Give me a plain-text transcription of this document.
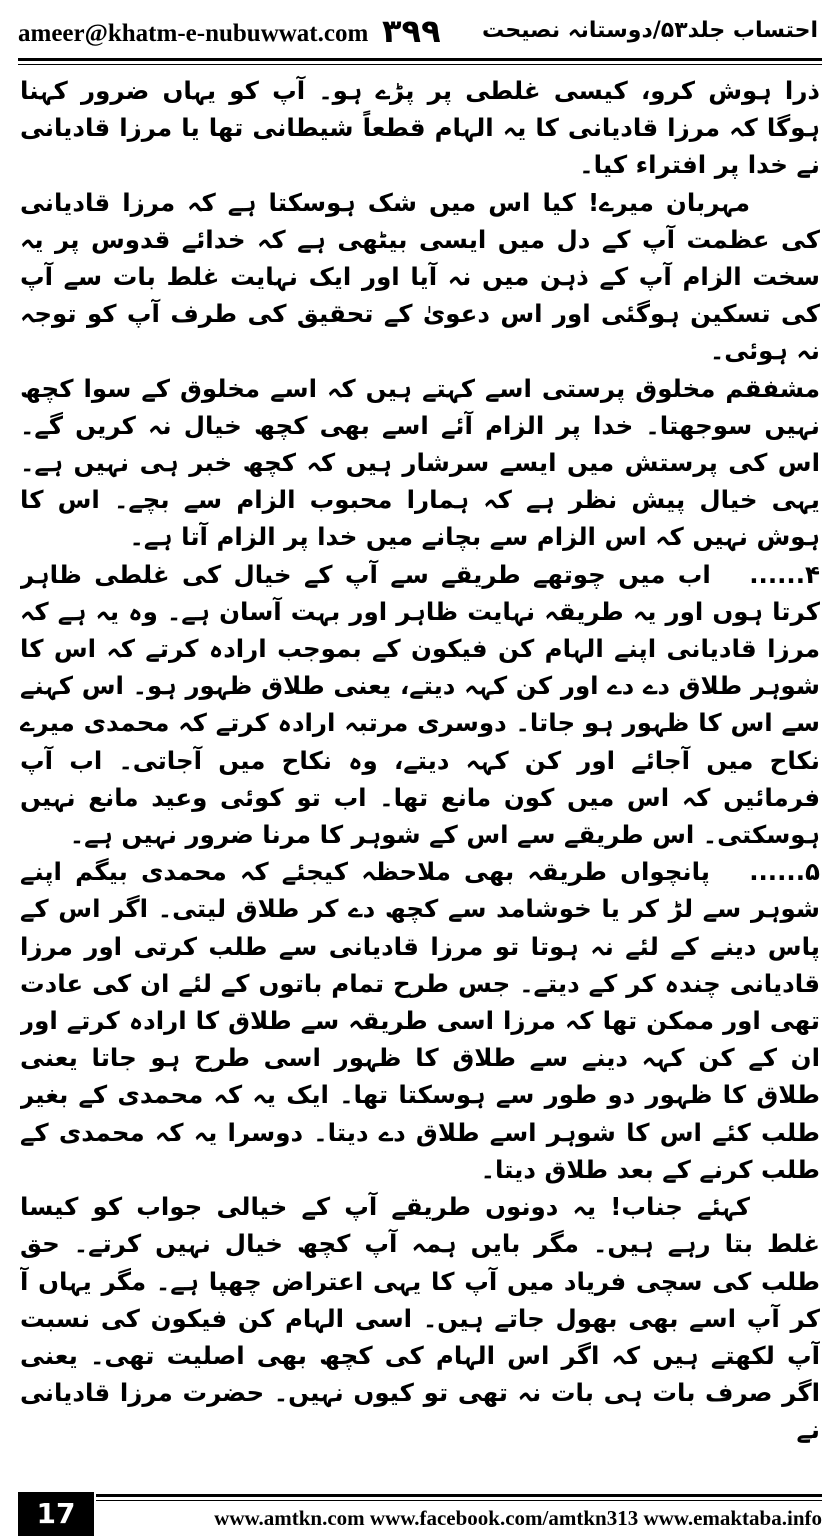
ameer@khatm-e-nubuwwat.com ۳۹۹ احتساب جلد۵۳/دوستانہ نصیحت

ذرا ہوش کرو، کیسی غلطی پر پڑے ہو۔ آپ کو یہاں ضرور کہنا ہوگا کہ مرزا قادیانی کا یہ الہام قطعاً شیطانی تھا یا مرزا قادیانی نے خدا پر افتراء کیا۔

مہربان میرے! کیا اس میں شک ہوسکتا ہے کہ مرزا قادیانی کی عظمت آپ کے دل میں ایسی بیٹھی ہے کہ خدائے قدوس پر یہ سخت الزام آپ کے ذہن میں نہ آیا اور ایک نہایت غلط بات سے آپ کی تسکین ہوگئی اور اس دعویٰ کے تحقیق کی طرف آپ کو توجہ نہ ہوئی۔

مشفقم مخلوق پرستی اسے کہتے ہیں کہ اسے مخلوق کے سوا کچھ نہیں سوجھتا۔ خدا پر الزام آئے اسے بھی کچھ خیال نہ کریں گے۔ اس کی پرستش میں ایسے سرشار ہیں کہ کچھ خبر ہی نہیں ہے۔ یہی خیال پیش نظر ہے کہ ہمارا محبوب الزام سے بچے۔ اس کا ہوش نہیں کہ اس الزام سے بچانے میں خدا پر الزام آتا ہے۔

۴...... اب میں چوتھے طریقے سے آپ کے خیال کی غلطی ظاہر کرتا ہوں اور یہ طریقہ نہایت ظاہر اور بہت آسان ہے۔ وہ یہ ہے کہ مرزا قادیانی اپنے الہام کن فیکون کے بموجب ارادہ کرتے کہ اس کا شوہر طلاق دے دے اور کن کہہ دیتے، یعنی طلاق ظہور ہو۔ اس کہنے سے اس کا ظہور ہو جاتا۔ دوسری مرتبہ ارادہ کرتے کہ محمدی میرے نکاح میں آجائے اور کن کہہ دیتے، وہ نکاح میں آجاتی۔ اب آپ فرمائیں کہ اس میں کون مانع تھا۔ اب تو کوئی وعید مانع نہیں ہوسکتی۔ اس طریقے سے اس کے شوہر کا مرنا ضرور نہیں ہے۔

۵...... پانچواں طریقہ بھی ملاحظہ کیجئے کہ محمدی بیگم اپنے شوہر سے لڑ کر یا خوشامد سے کچھ دے کر طلاق لیتی۔ اگر اس کے پاس دینے کے لئے نہ ہوتا تو مرزا قادیانی سے طلب کرتی اور مرزا قادیانی چندہ کر کے دیتے۔ جس طرح تمام باتوں کے لئے ان کی عادت تھی اور ممکن تھا کہ مرزا اسی طریقہ سے طلاق کا ارادہ کرتے اور ان کے کن کہہ دینے سے طلاق کا ظہور اسی طرح ہو جاتا یعنی طلاق کا ظہور دو طور سے ہوسکتا تھا۔ ایک یہ کہ محمدی کے بغیر طلب کئے اس کا شوہر اسے طلاق دے دیتا۔ دوسرا یہ کہ محمدی کے طلب کرنے کے بعد طلاق دیتا۔

کہئے جناب! یہ دونوں طریقے آپ کے خیالی جواب کو کیسا غلط بتا رہے ہیں۔ مگر بایں ہمہ آپ کچھ خیال نہیں کرتے۔ حق طلب کی سچی فریاد میں آپ کا یہی اعتراض چھپا ہے۔ مگر یہاں آ کر آپ اسے بھی بھول جاتے ہیں۔ اسی الہام کن فیکون کی نسبت آپ لکھتے ہیں کہ اگر اس الہام کی کچھ بھی اصلیت تھی۔ یعنی اگر صرف بات ہی بات نہ تھی تو کیوں نہیں۔ حضرت مرزا قادیانی نے

17	www.amtkn.com www.facebook.com/amtkn313 www.emaktaba.info
